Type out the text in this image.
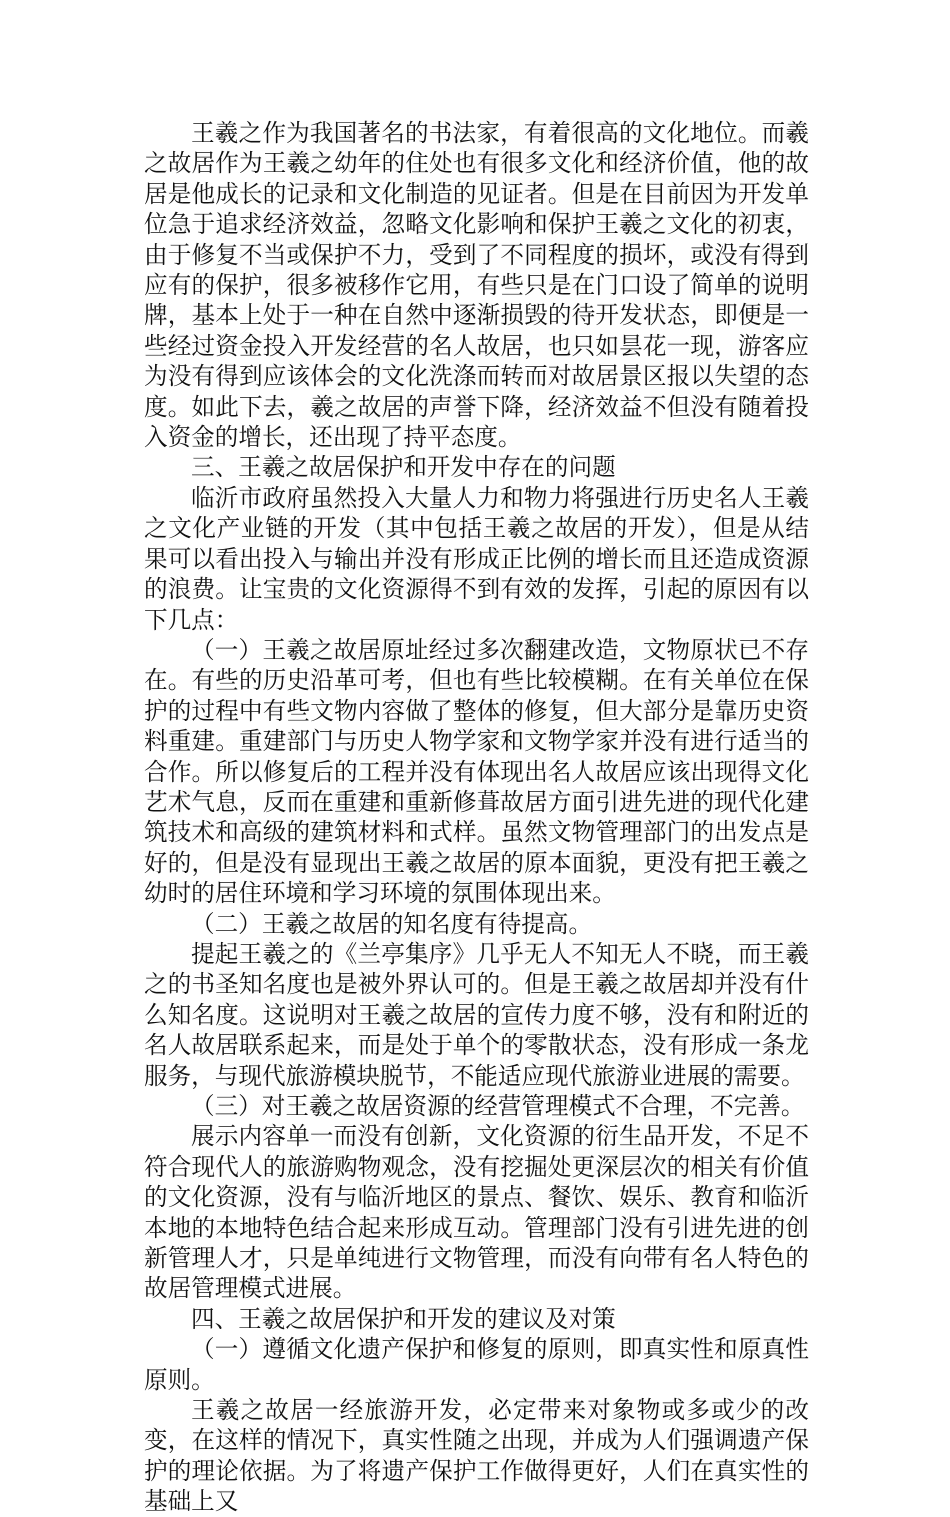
王羲之作为我国著名的书法家，有着很高的文化地位。而羲之故居作为王羲之幼年的住处也有很多文化和经济价值，他的故居是他成长的记录和文化制造的见证者。但是在目前因为开发单位急于追求经济效益，忽略文化影响和保护王羲之文化的初衷，由于修复不当或保护不力，受到了不同程度的损坏，或没有得到应有的保护，很多被移作它用，有些只是在门口设了简单的说明牌，基本上处于一种在自然中逐渐损毁的待开发状态，即便是一些经过资金投入开发经营的名人故居，也只如昙花一现，游客应为没有得到应该体会的文化洗涤而转而对故居景区报以失望的态度。如此下去，羲之故居的声誉下降，经济效益不但没有随着投入资金的增长，还出现了持平态度。

三、王羲之故居保护和开发中存在的问题

临沂市政府虽然投入大量人力和物力将强进行历史名人王羲之文化产业链的开发（其中包括王羲之故居的开发），但是从结果可以看出投入与输出并没有形成正比例的增长而且还造成资源的浪费。让宝贵的文化资源得不到有效的发挥，引起的原因有以下几点：

（一）王羲之故居原址经过多次翻建改造，文物原状已不存在。有些的历史沿革可考，但也有些比较模糊。在有关单位在保护的过程中有些文物内容做了整体的修复，但大部分是靠历史资料重建。重建部门与历史人物学家和文物学家并没有进行适当的合作。所以修复后的工程并没有体现出名人故居应该出现得文化艺术气息，反而在重建和重新修葺故居方面引进先进的现代化建筑技术和高级的建筑材料和式样。虽然文物管理部门的出发点是好的，但是没有显现出王羲之故居的原本面貌，更没有把王羲之幼时的居住环境和学习环境的氛围体现出来。

（二）王羲之故居的知名度有待提高。

提起王羲之的《兰亭集序》几乎无人不知无人不晓，而王羲之的书圣知名度也是被外界认可的。但是王羲之故居却并没有什么知名度。这说明对王羲之故居的宣传力度不够，没有和附近的名人故居联系起来，而是处于单个的零散状态，没有形成一条龙服务，与现代旅游模块脱节，不能适应现代旅游业进展的需要。

（三）对王羲之故居资源的经营管理模式不合理，不完善。

展示内容单一而没有创新，文化资源的衍生品开发，不足不符合现代人的旅游购物观念，没有挖掘处更深层次的相关有价值的文化资源，没有与临沂地区的景点、餐饮、娱乐、教育和临沂本地的本地特色结合起来形成互动。管理部门没有引进先进的创新管理人才，只是单纯进行文物管理，而没有向带有名人特色的故居管理模式进展。

四、王羲之故居保护和开发的建议及对策

（一）遵循文化遗产保护和修复的原则，即真实性和原真性原则。

王羲之故居一经旅游开发，必定带来对象物或多或少的改变，在这样的情况下，真实性随之出现，并成为人们强调遗产保护的理论依据。为了将遗产保护工作做得更好，人们在真实性的基础上又
